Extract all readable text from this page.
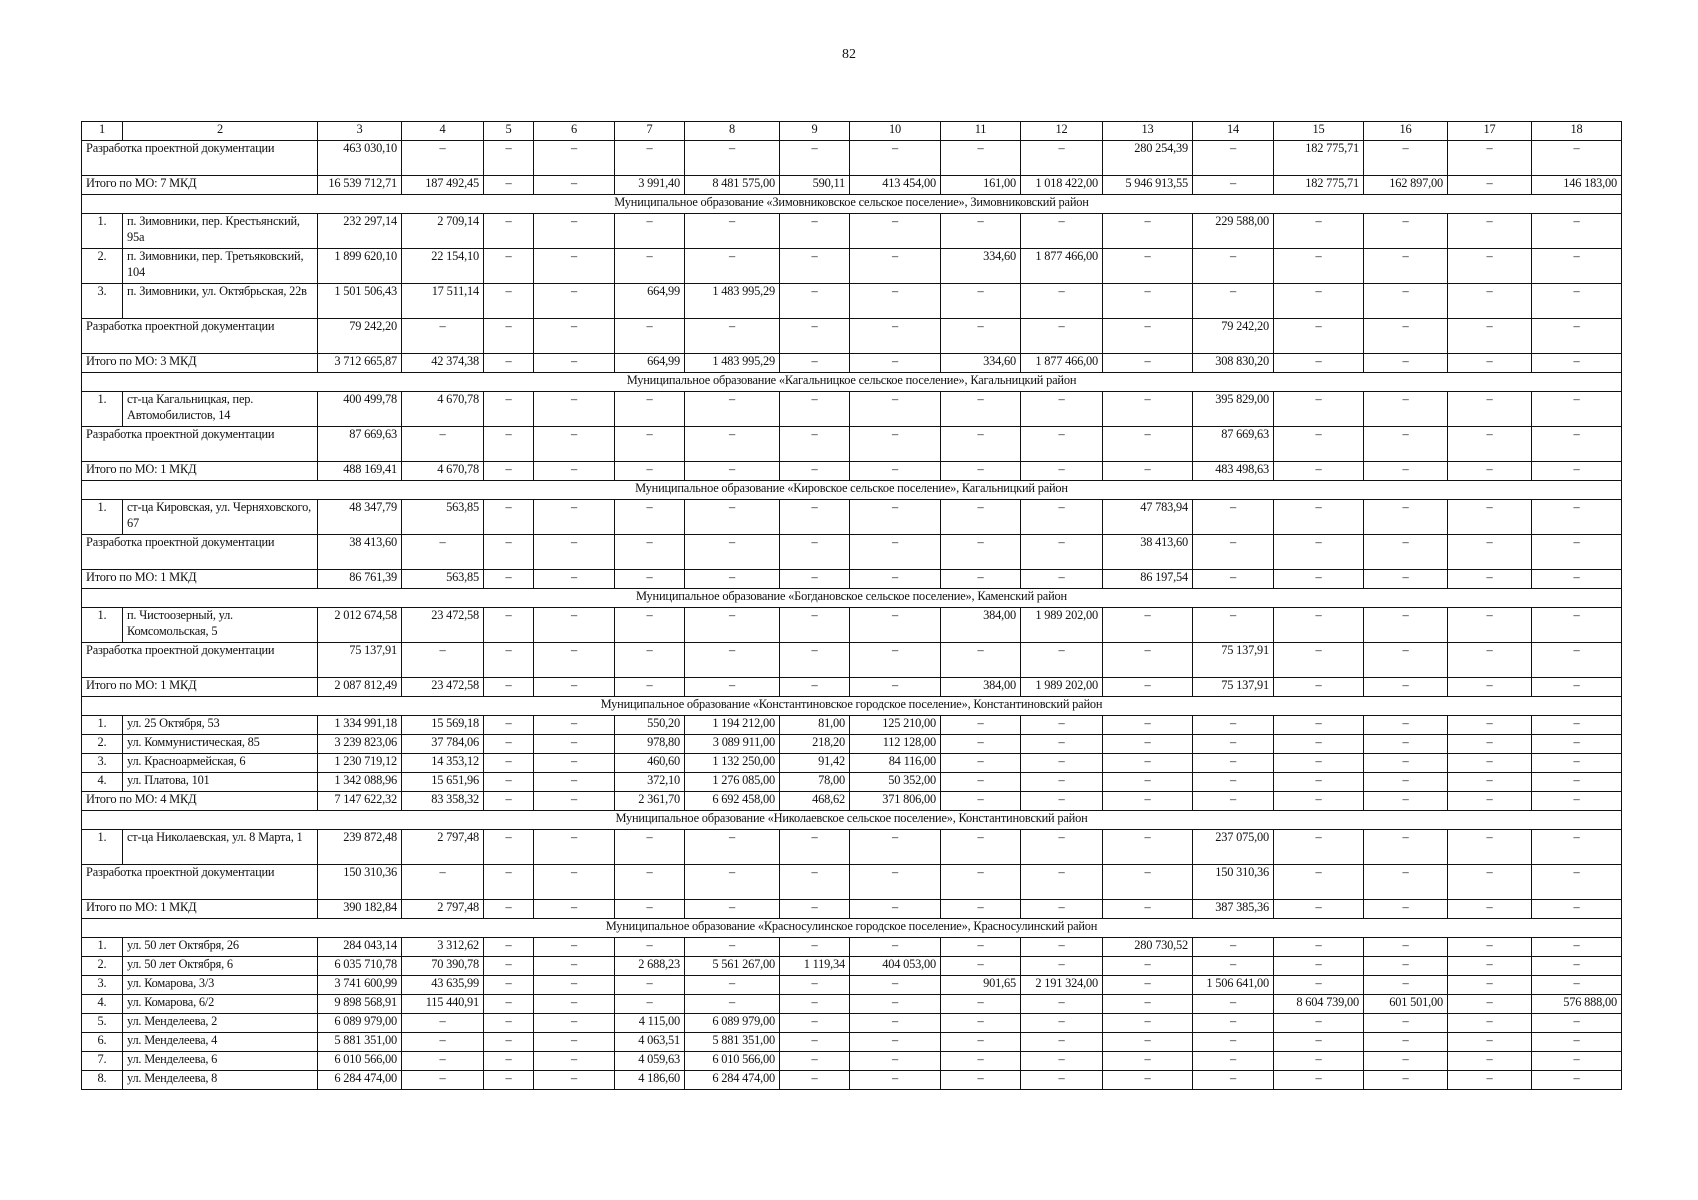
82
1	2	3	4	5	6	7	8	9	10	11	12	13	14	15	16	17	18
Разработка проектной документации		463 030,10	–	–	–	–	–	–	–	–	–	280 254,39	–	182 775,71	–	–	–
Итого по МО: 7 МКД		16 539 712,71	187 492,45	–	–	3 991,40	8 481 575,00	590,11	413 454,00	161,00	1 018 422,00	5 946 913,55	–	182 775,71	162 897,00	–	146 183,00
Муниципальное образование «Зимовниковское сельское поселение», Зимовниковский район																	
1.	п. Зимовники, пер. Крестьянский, 95а	232 297,14	2 709,14	–	–	–	–	–	–	–	–	–	229 588,00	–	–	–	–
2.	п. Зимовники, пер. Третьяковский, 104	1 899 620,10	22 154,10	–	–	–	–	–	–	334,60	1 877 466,00	–	–	–	–	–	–
3.	п. Зимовники, ул. Октябрьская, 22в	1 501 506,43	17 511,14	–	–	664,99	1 483 995,29	–	–	–	–	–	–	–	–	–	–
Разработка проектной документации		79 242,20	–	–	–	–	–	–	–	–	–	–	79 242,20	–	–	–	–
Итого по МО: 3 МКД		3 712 665,87	42 374,38	–	–	664,99	1 483 995,29	–	–	334,60	1 877 466,00	–	308 830,20	–	–	–	–
Муниципальное образование «Кагальницкое сельское поселение», Кагальницкий район																	
1.	ст-ца Кагальницкая, пер. Автомобилистов, 14	400 499,78	4 670,78	–	–	–	–	–	–	–	–	–	395 829,00	–	–	–	–
Разработка проектной документации		87 669,63	–	–	–	–	–	–	–	–	–	–	87 669,63	–	–	–	–
Итого по МО: 1 МКД		488 169,41	4 670,78	–	–	–	–	–	–	–	–	–	483 498,63	–	–	–	–
Муниципальное образование «Кировское сельское поселение», Кагальницкий район																	
1.	ст-ца Кировская, ул. Черняховского, 67	48 347,79	563,85	–	–	–	–	–	–	–	–	47 783,94	–	–	–	–	–
Разработка проектной документации		38 413,60	–	–	–	–	–	–	–	–	–	38 413,60	–	–	–	–	–
Итого по МО: 1 МКД		86 761,39	563,85	–	–	–	–	–	–	–	–	86 197,54	–	–	–	–	–
Муниципальное образование «Богдановское сельское поселение», Каменский район																	
1.	п. Чистоозерный, ул. Комсомольская, 5	2 012 674,58	23 472,58	–	–	–	–	–	–	384,00	1 989 202,00	–	–	–	–	–	–
Разработка проектной документации		75 137,91	–	–	–	–	–	–	–	–	–	–	75 137,91	–	–	–	–
Итого по МО: 1 МКД		2 087 812,49	23 472,58	–	–	–	–	–	–	384,00	1 989 202,00	–	75 137,91	–	–	–	–
Муниципальное образование «Константиновское городское поселение», Константиновский район																	
1.	ул. 25 Октября, 53	1 334 991,18	15 569,18	–	–	550,20	1 194 212,00	81,00	125 210,00	–	–	–	–	–	–	–	–
2.	ул. Коммунистическая, 85	3 239 823,06	37 784,06	–	–	978,80	3 089 911,00	218,20	112 128,00	–	–	–	–	–	–	–	–
3.	ул. Красноармейская, 6	1 230 719,12	14 353,12	–	–	460,60	1 132 250,00	91,42	84 116,00	–	–	–	–	–	–	–	–
4.	ул. Платова, 101	1 342 088,96	15 651,96	–	–	372,10	1 276 085,00	78,00	50 352,00	–	–	–	–	–	–	–	–
Итого по МО: 4 МКД		7 147 622,32	83 358,32	–	–	2 361,70	6 692 458,00	468,62	371 806,00	–	–	–	–	–	–	–	–
Муниципальное образование «Николаевское сельское поселение», Константиновский район																	
1.	ст-ца Николаевская, ул. 8 Марта, 1	239 872,48	2 797,48	–	–	–	–	–	–	–	–	–	237 075,00	–	–	–	–
Разработка проектной документации		150 310,36	–	–	–	–	–	–	–	–	–	–	150 310,36	–	–	–	–
Итого по МО: 1 МКД		390 182,84	2 797,48	–	–	–	–	–	–	–	–	–	387 385,36	–	–	–	–
Муниципальное образование «Красносулинское городское поселение», Красносулинский район																	
1.	ул. 50 лет Октября, 26	284 043,14	3 312,62	–	–	–	–	–	–	–	–	280 730,52	–	–	–	–	–
2.	ул. 50 лет Октября, 6	6 035 710,78	70 390,78	–	–	2 688,23	5 561 267,00	1 119,34	404 053,00	–	–	–	–	–	–	–	–
3.	ул. Комарова, 3/3	3 741 600,99	43 635,99	–	–	–	–	–	–	901,65	2 191 324,00	–	1 506 641,00	–	–	–	–
4.	ул. Комарова, 6/2	9 898 568,91	115 440,91	–	–	–	–	–	–	–	–	–	–	8 604 739,00	601 501,00	–	576 888,00
5.	ул. Менделеева, 2	6 089 979,00	–	–	–	4 115,00	6 089 979,00	–	–	–	–	–	–	–	–	–	–
6.	ул. Менделеева, 4	5 881 351,00	–	–	–	4 063,51	5 881 351,00	–	–	–	–	–	–	–	–	–	–
7.	ул. Менделеева, 6	6 010 566,00	–	–	–	4 059,63	6 010 566,00	–	–	–	–	–	–	–	–	–	–
8.	ул. Менделеева, 8	6 284 474,00	–	–	–	4 186,60	6 284 474,00	–	–	–	–	–	–	–	–	–	–
